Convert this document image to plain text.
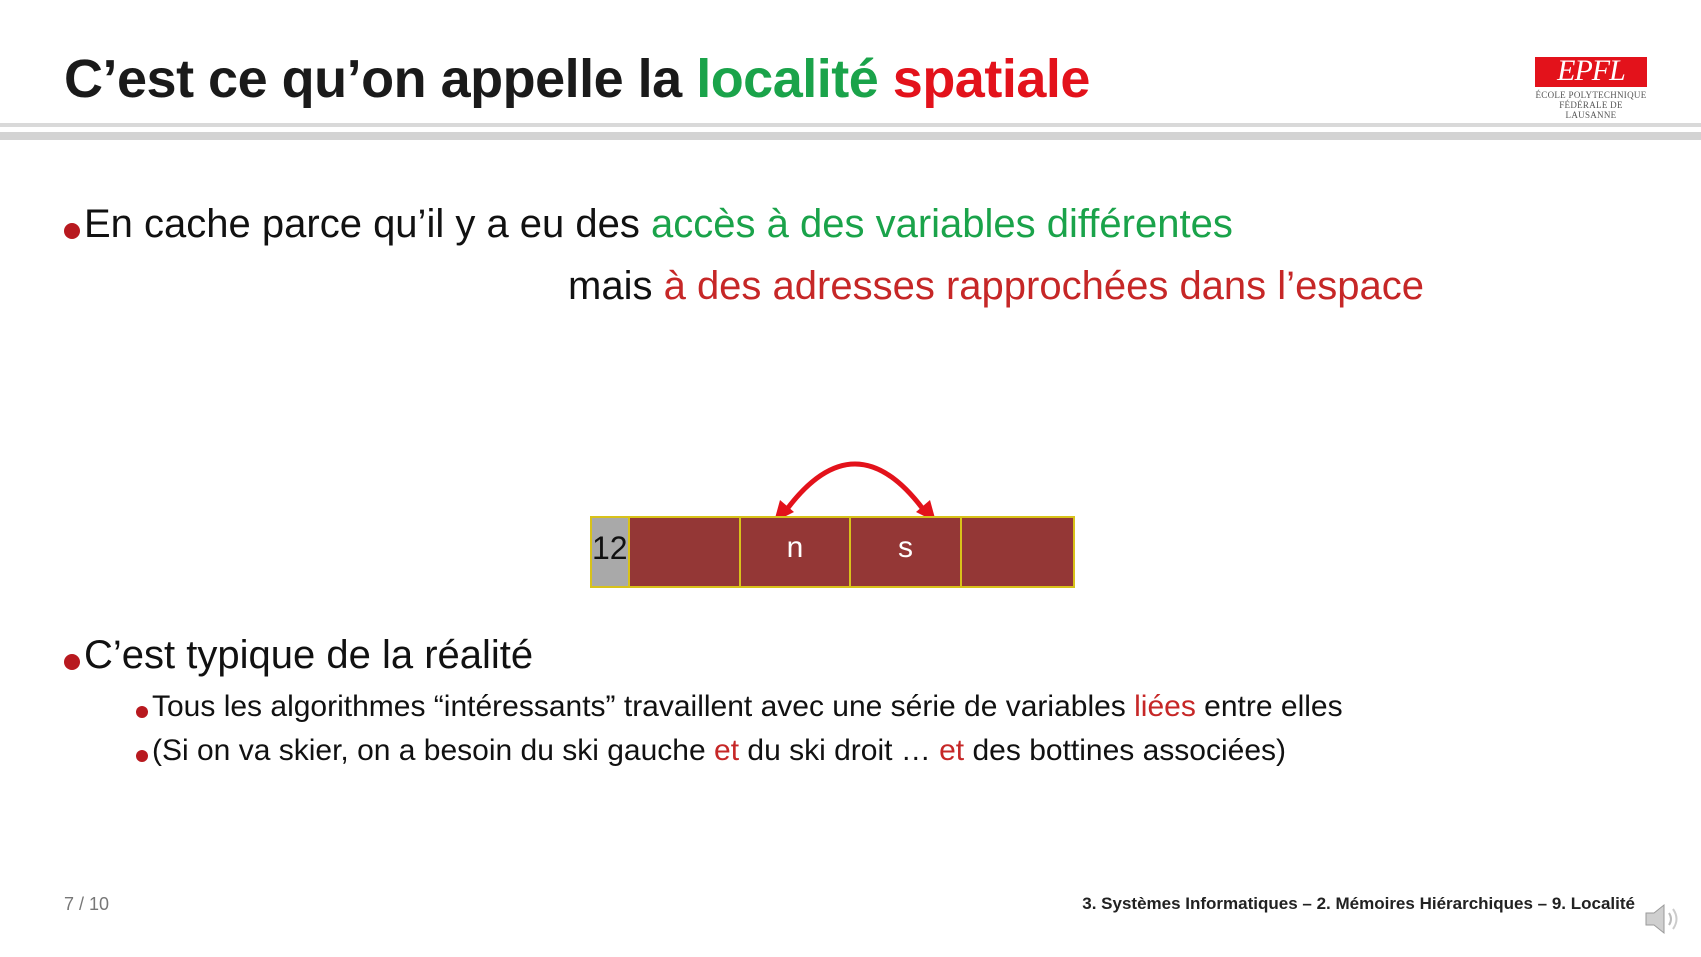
C’est ce qu’on appelle la localité spatiale	EPFL
ÉCOLE POLYTECHNIQUE
FÉDÉRALE DE LAUSANNE
En cache parce qu’il y a eu des accès à des variables différentes
mais à des adresses rapprochées dans l’espace
12	n	s
C’est typique de la réalité
Tous les algorithmes “intéressants” travaillent avec une série de variables liées entre elles
(Si on va skier, on a besoin du ski gauche et du ski droit … et des bottines associées)
7 / 10	3. Systèmes Informatiques – 2. Mémoires Hiérarchiques – 9. Localité
